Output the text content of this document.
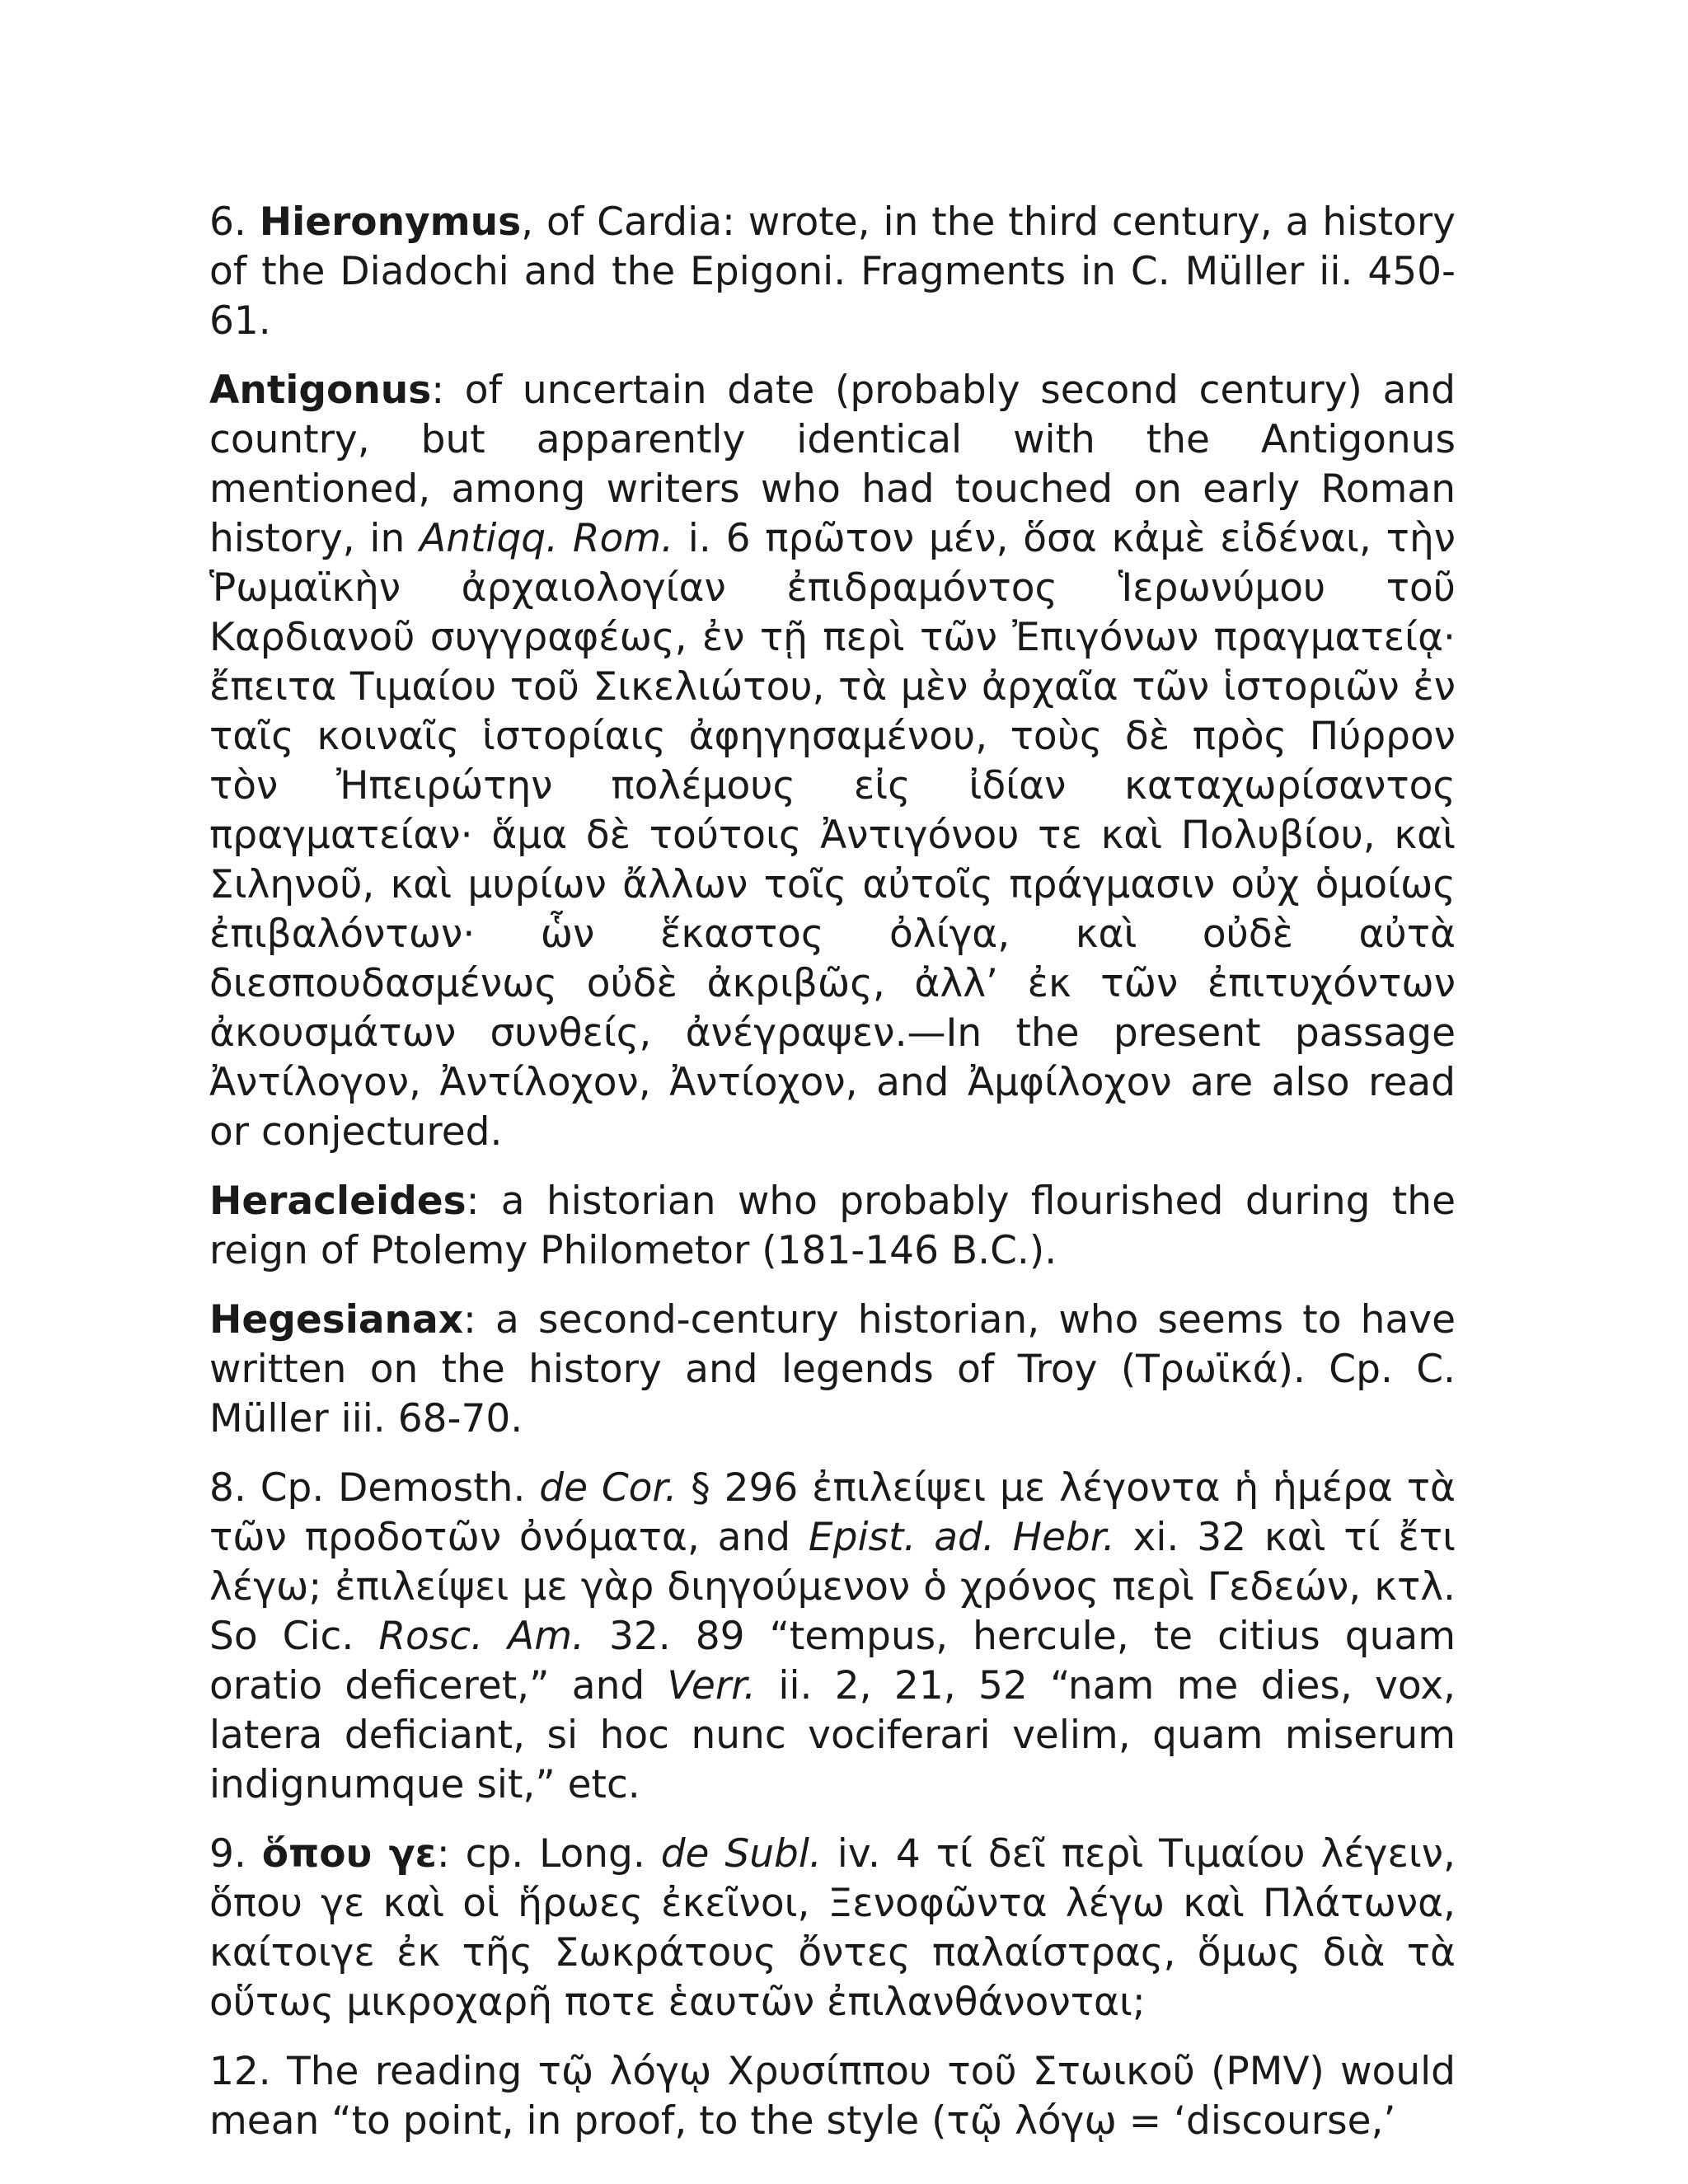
6. Hieronymus, of Cardia: wrote, in the third century, a history of the Diadochi and the Epigoni. Fragments in C. Müller ii. 450-61.

Antigonus: of uncertain date (probably second century) and country, but apparently identical with the Antigonus mentioned, among writers who had touched on early Roman history, in Antiqq. Rom. i. 6 πρῶτον μέν, ὅσα κἀμὲ εἰδέναι, τὴν Ῥωμαϊκὴν ἀρχαιολογίαν ἐπιδραμόντος Ἱερωνύμου τοῦ Καρδιανοῦ συγγραφέως, ἐν τῇ περὶ τῶν Ἐπιγόνων πραγματείᾳ· ἔπειτα Τιμαίου τοῦ Σικελιώτου, τὰ μὲν ἀρχαῖα τῶν ἱστοριῶν ἐν ταῖς κοιναῖς ἱστορίαις ἀφηγησαμένου, τοὺς δὲ πρὸς Πύρρον τὸν Ἠπειρώτην πολέμους εἰς ἰδίαν καταχωρίσαντος πραγματείαν· ἅμα δὲ τούτοις Ἀντιγόνου τε καὶ Πολυβίου, καὶ Σιληνοῦ, καὶ μυρίων ἄλλων τοῖς αὐτοῖς πράγμασιν οὐχ ὁμοίως ἐπιβαλόντων· ὧν ἕκαστος ὀλίγα, καὶ οὐδὲ αὐτὰ διεσπουδασμένως οὐδὲ ἀκριβῶς, ἀλλ’ ἐκ τῶν ἐπιτυχόντων ἀκουσμάτων συνθείς, ἀνέγραψεν.—In the present passage Ἀντίλογον, Ἀντίλοχον, Ἀντίοχον, and Ἀμφίλοχον are also read or conjectured.

Heracleides: a historian who probably flourished during the reign of Ptolemy Philometor (181-146 B.C.).

Hegesianax: a second-century historian, who seems to have written on the history and legends of Troy (Τρωϊκά). Cp. C. Müller iii. 68-70.

8. Cp. Demosth. de Cor. § 296 ἐπιλείψει με λέγοντα ἡ ἡμέρα τὰ τῶν προδοτῶν ὀνόματα, and Epist. ad. Hebr. xi. 32 καὶ τί ἔτι λέγω; ἐπιλείψει με γὰρ διηγούμενον ὁ χρόνος περὶ Γεδεών, κτλ. So Cic. Rosc. Am. 32. 89 “tempus, hercule, te citius quam oratio deficeret,” and Verr. ii. 2, 21, 52 “nam me dies, vox, latera deficiant, si hoc nunc vociferari velim, quam miserum indignumque sit,” etc.

9. ὅπου γε: cp. Long. de Subl. iv. 4 τί δεῖ περὶ Τιμαίου λέγειν, ὅπου γε καὶ οἱ ἥρωες ἐκεῖνοι, Ξενοφῶντα λέγω καὶ Πλάτωνα, καίτοιγε ἐκ τῆς Σωκράτους ὄντες παλαίστρας, ὅμως διὰ τὰ οὕτως μικροχαρῆ ποτε ἑαυτῶν ἐπιλανθάνονται;

12. The reading τῷ λόγῳ Χρυσίππου τοῦ Στωικοῦ (PMV) would mean “to point, in proof, to the style (τῷ λόγῳ = ‘discourse,’
